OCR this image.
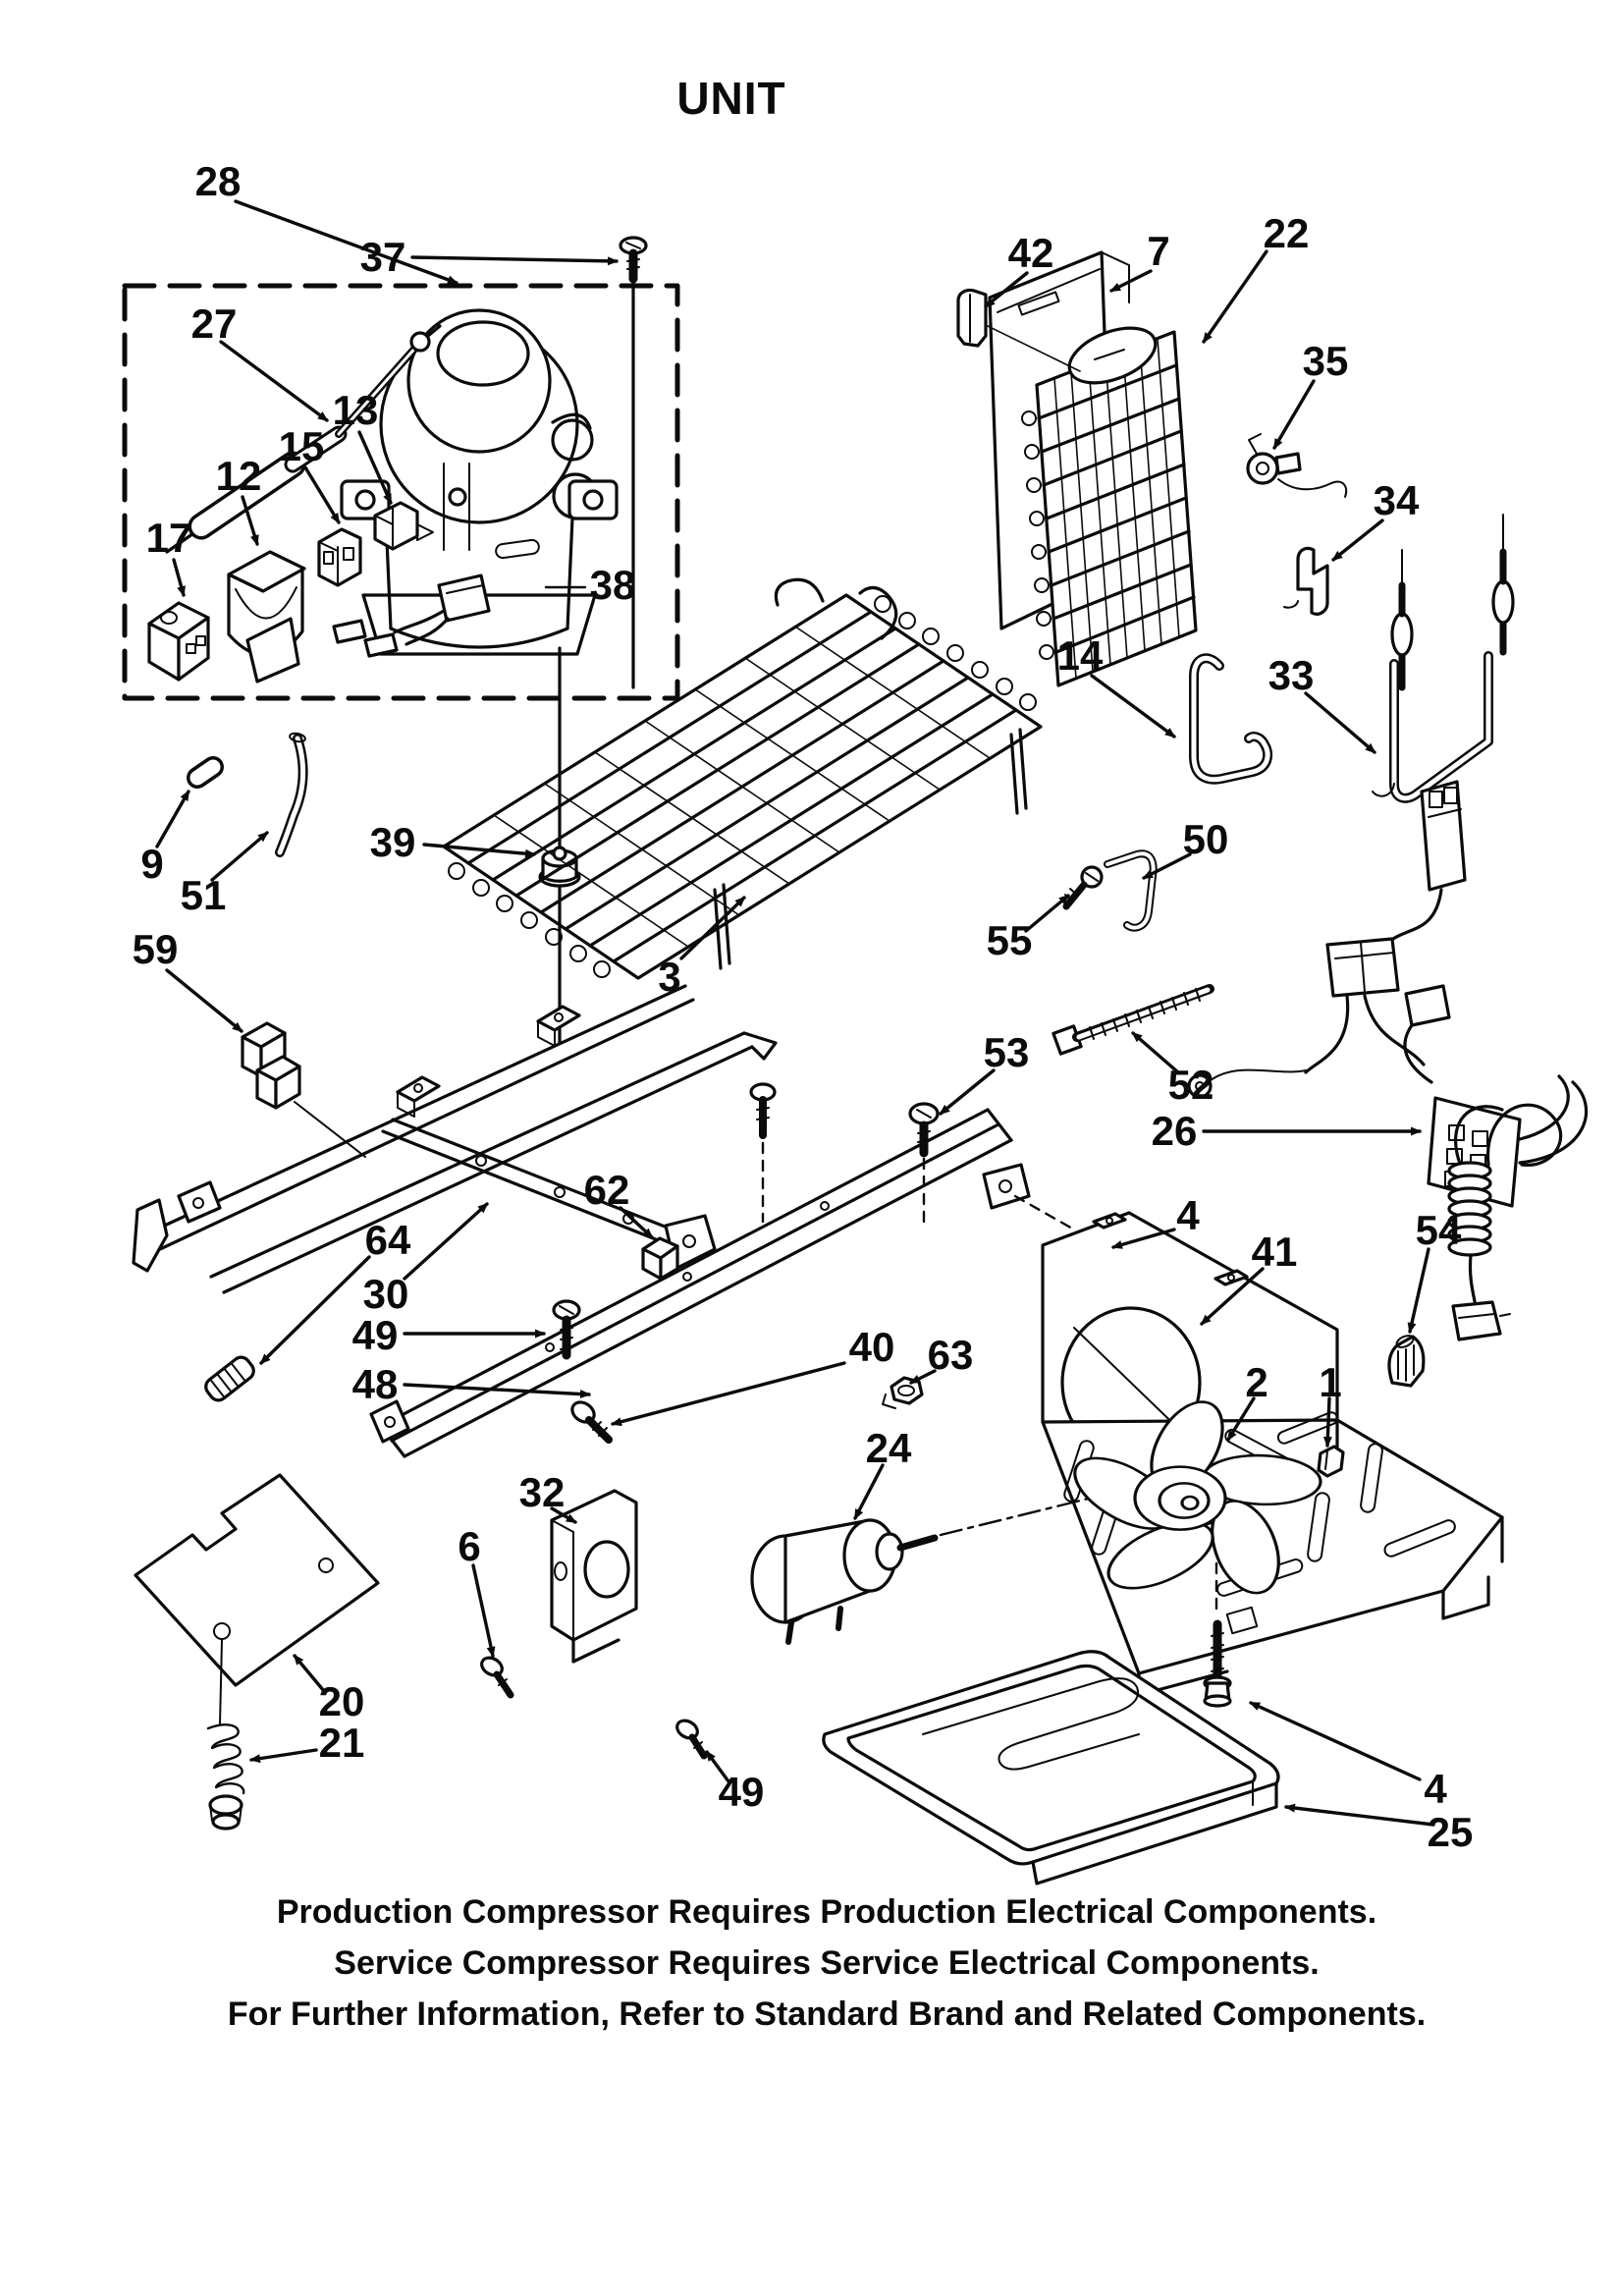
UNIT
Production Compressor Requires Production Electrical Components.
Service Compressor Requires Service Electrical Components.
For Further Information, Refer to Standard Brand and Related Components.
28
37
27
13
15
12
17
38
9
51
39
59
3
42 7 22
35
34
14	33
50
55
52
53
26
62
64
30
49
48
40 63
2 1
24
4
41	54
32
6
20
21
49	4
25
